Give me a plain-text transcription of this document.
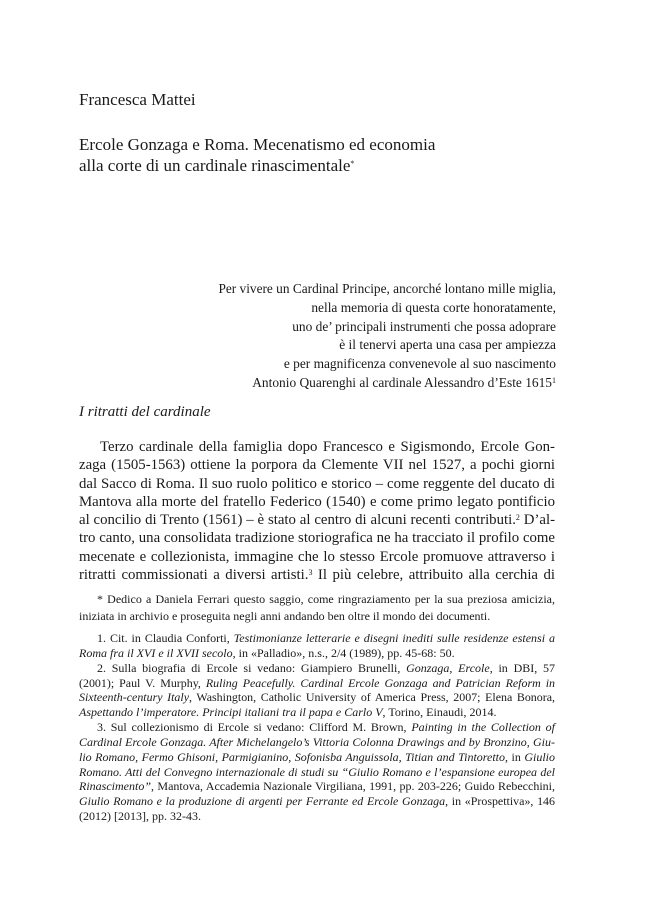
Francesca Mattei
Ercole Gonzaga e Roma. Mecenatismo ed economia
alla corte di un cardinale rinascimentale*
Per vivere un Cardinal Principe, ancorché lontano mille miglia,
nella memoria di questa corte honoratamente,
uno de’ principali instrumenti che possa adoprare
è il tenervi aperta una casa per ampiezza
e per magnificenza convenevole al suo nascimento
Antonio Quarenghi al cardinale Alessandro d’Este 1615$^1$
I ritratti del cardinale
Terzo cardinale della famiglia dopo Francesco e Sigismondo, Ercole Gon-
zaga (1505-1563) ottiene la porpora da Clemente VII nel 1527, a pochi giorni
dal Sacco di Roma. Il suo ruolo politico e storico – come reggente del ducato di
Mantova alla morte del fratello Federico (1540) e come primo legato pontificio
al concilio di Trento (1561) – è stato al centro di alcuni recenti contributi.$^2$ D’al-
tro canto, una consolidata tradizione storiografica ne ha tracciato il profilo come
mecenate e collezionista, immagine che lo stesso Ercole promuove attraverso i
ritratti commissionati a diversi artisti.$^3$ Il più celebre, attribuito alla cerchia di
* Dedico a Daniela Ferrari questo saggio, come ringraziamento per la sua preziosa amicizia,
iniziata in archivio e proseguita negli anni andando ben oltre il mondo dei documenti.
1. Cit. in Claudia Conforti, Testimonianze letterarie e disegni inediti sulle residenze estensi a
Roma fra il XVI e il XVII secolo, in «Palladio», n.s., 2/4 (1989), pp. 45-68: 50.
2. Sulla biografia di Ercole si vedano: Giampiero Brunelli, Gonzaga, Ercole, in DBI, 57
(2001); Paul V. Murphy, Ruling Peacefully. Cardinal Ercole Gonzaga and Patrician Reform in
Sixteenth-century Italy, Washington, Catholic University of America Press, 2007; Elena Bonora,
Aspettando l’imperatore. Principi italiani tra il papa e Carlo V, Torino, Einaudi, 2014.
3. Sul collezionismo di Ercole si vedano: Clifford M. Brown, Painting in the Collection of
Cardinal Ercole Gonzaga. After Michelangelo’s Vittoria Colonna Drawings and by Bronzino, Giu-
lio Romano, Fermo Ghisoni, Parmigianino, Sofonisba Anguissola, Titian and Tintoretto, in Giulio
Romano. Atti del Convegno internazionale di studi su “Giulio Romano e l’espansione europea del
Rinascimento”, Mantova, Accademia Nazionale Virgiliana, 1991, pp. 203-226; Guido Rebecchini,
Giulio Romano e la produzione di argenti per Ferrante ed Ercole Gonzaga, in «Prospettiva», 146
(2012) [2013], pp. 32-43.
